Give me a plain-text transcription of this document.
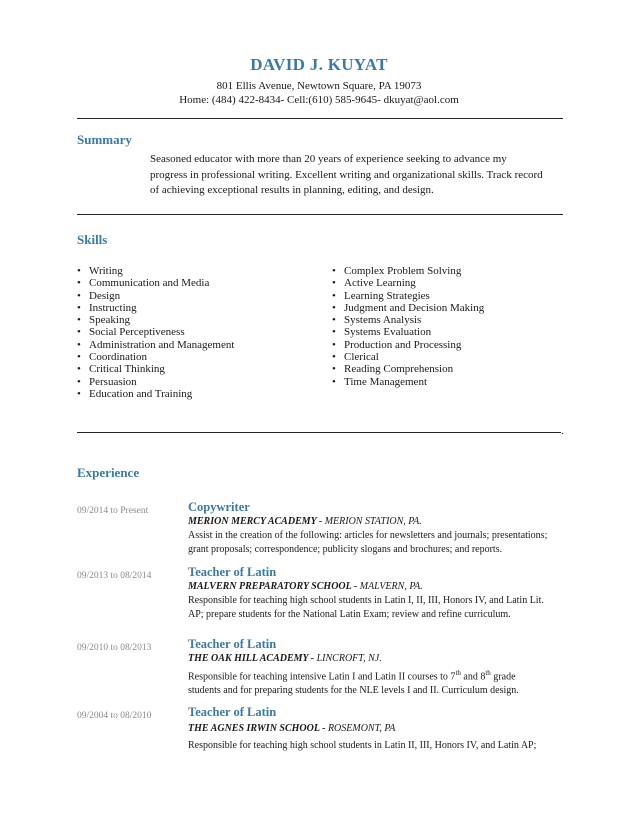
DAVID J. KUYAT
801 Ellis Avenue, Newtown Square, PA 19073
Home: (484) 422-8434- Cell:(610) 585-9645- dkuyat@aol.com
Summary
Seasoned educator with more than 20 years of experience seeking to advance my
progress in professional writing. Excellent writing and organizational skills. Track record
of achieving exceptional results in planning, editing, and design.
Skills
• Writing
• Communication and Media
• Design
• Instructing
• Speaking
• Social Perceptiveness
• Administration and Management
• Coordination
• Critical Thinking
• Persuasion
• Education and Training
• Complex Problem Solving
• Active Learning
• Learning Strategies
• Judgment and Decision Making
• Systems Analysis
• Systems Evaluation
• Production and Processing
• Clerical
• Reading Comprehension
• Time Management
.
Experience
09/2014 to Present	Copywriter
MERION MERCY ACADEMY - MERION STATION, PA.
Assist in the creation of the following: articles for newsletters and journals; presentations;
grant proposals; correspondence; publicity slogans and brochures; and reports.
09/2013 to 08/2014	Teacher of Latin
MALVERN PREPARATORY SCHOOL - MALVERN, PA.
Responsible for teaching high school students in Latin I, II, III, Honors IV, and Latin Lit.
AP; prepare students for the National Latin Exam; review and refine curriculum.
09/2010 to 08/2013	Teacher of Latin
THE OAK HILL ACADEMY - LINCROFT, NJ.
Responsible for teaching intensive Latin I and Latin II courses to 7th and 8th grade
students and for preparing students for the NLE levels I and II. Curriculum design.
09/2004 to 08/2010	Teacher of Latin
THE AGNES IRWIN SCHOOL - ROSEMONT, PA
Responsible for teaching high school students in Latin II, III, Honors IV, and Latin AP;
